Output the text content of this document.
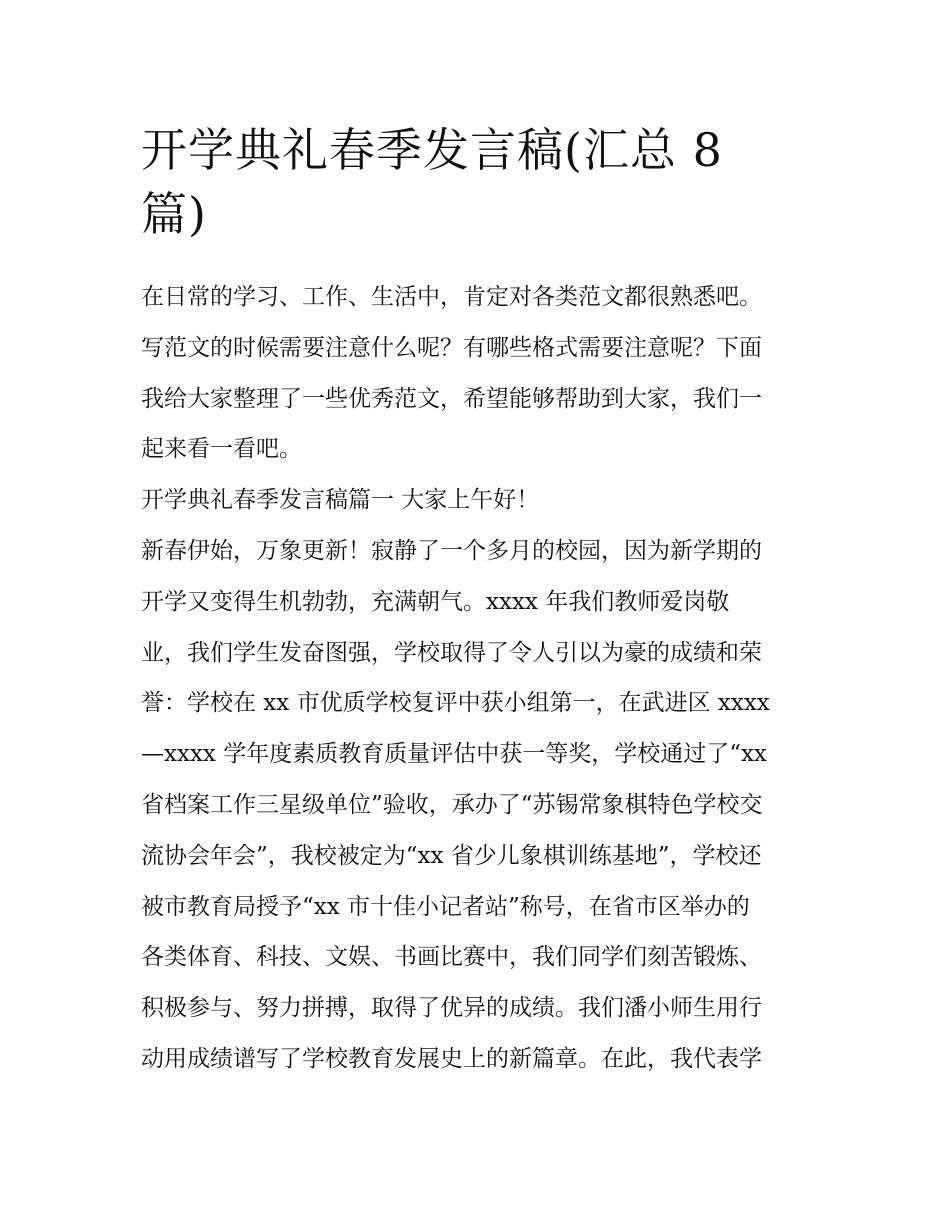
开学典礼春季发言稿(汇总 8
篇)

在日常的学习、工作、生活中，肯定对各类范文都很熟悉吧。
写范文的时候需要注意什么呢？有哪些格式需要注意呢？下面
我给大家整理了一些优秀范文，希望能够帮助到大家，我们一
起来看一看吧。

开学典礼春季发言稿篇一 大家上午好！

新春伊始，万象更新！寂静了一个多月的校园，因为新学期的
开学又变得生机勃勃，充满朝气。xxxx 年我们教师爱岗敬
业，我们学生发奋图强，学校取得了令人引以为豪的成绩和荣
誉：学校在 xx 市优质学校复评中获小组第一，在武进区 xxxx
—xxxx 学年度素质教育质量评估中获一等奖，学校通过了“xx
省档案工作三星级单位”验收，承办了“苏锡常象棋特色学校交
流协会年会”，我校被定为“xx 省少儿象棋训练基地”，学校还
被市教育局授予“xx 市十佳小记者站”称号，在省市区举办的
各类体育、科技、文娱、书画比赛中，我们同学们刻苦锻炼、
积极参与、努力拼搏，取得了优异的成绩。我们潘小师生用行
动用成绩谱写了学校教育发展史上的新篇章。在此，我代表学
